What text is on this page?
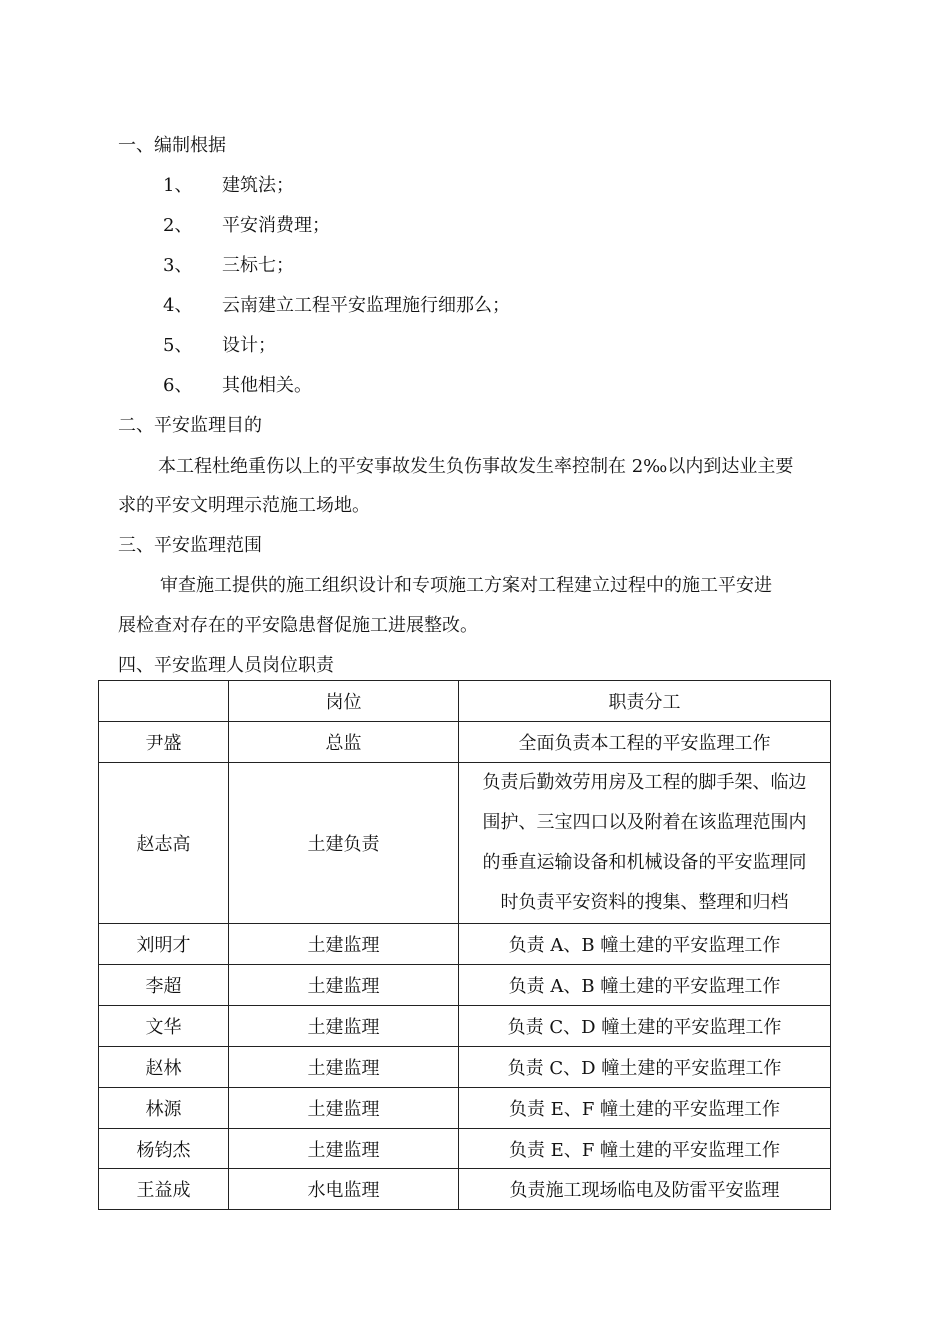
一、编制根据
1、 建筑法；
2、 平安消费理；
3、 三标七；
4、 云南建立工程平安监理施行细那么；
5、 设计；
6、 其他相关。
二、平安监理目的
本工程杜绝重伤以上的平安事故发生负伤事故发生率控制在 2‰以内到达业主要
求的平安文明理示范施工场地。
三、平安监理范围
审查施工提供的施工组织设计和专项施工方案对工程建立过程中的施工平安进
展检查对存在的平安隐患督促施工进展整改。
四、平安监理人员岗位职责
	岗位	职责分工
尹盛	总监	全面负责本工程的平安监理工作
赵志高	土建负责	负责后勤效劳用房及工程的脚手架、临边
围护、三宝四口以及附着在该监理范围内
的垂直运输设备和机械设备的平安监理同
时负责平安资料的搜集、整理和归档

刘明才	土建监理	负责 A、B 幢土建的平安监理工作
李超	土建监理	负责 A、B 幢土建的平安监理工作
文华	土建监理	负责 C、D 幢土建的平安监理工作
赵林	土建监理	负责 C、D 幢土建的平安监理工作
林源	土建监理	负责 E、F 幢土建的平安监理工作
杨钧杰	土建监理	负责 E、F 幢土建的平安监理工作
王益成	水电监理	负责施工现场临电及防雷平安监理
